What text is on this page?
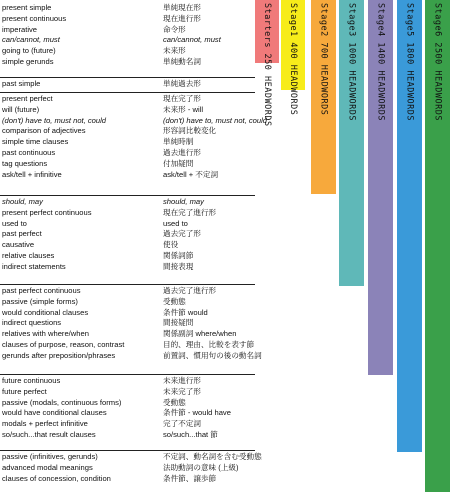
present simple	単純現在形
present continuous	現在進行形
imperative	命令形
can/cannot, must	can/cannot, must
going to (future)	未来形
simple gerunds	単純動名詞
past simple	単純過去形
present perfect	現在完了形
will (future)	未来形 - will
(don't) have to, must not, could	(don't) have to, must not, could
comparison of adjectives	形容詞比較変化
simple time clauses	単純時制
past continuous	過去進行形
tag questions	付加疑問
ask/tell + infinitive	ask/tell + 不定詞
should, may	should, may
present perfect continuous	現在完了進行形
used to	used to
past perfect	過去完了形
causative	使役
relative clauses	関係詞節
indirect statements	間接表現
past perfect continuous	過去完了進行形
passive (simple forms)	受動態
would conditional clauses	条件節 would
indirect questions	間接疑問
relatives with where/when	関係副詞 where/when
clauses of purpose, reason, contrast	目的、理由、比較を表す節
gerunds after preposition/phrases	前置詞、慣用句の後の動名詞
future continuous	未来進行形
future perfect	未来完了形
passive (modals, continuous forms)	受動態
would have conditional clauses	条件節 - would have
modals + perfect infinitive	完了不定詞
so/such...that result clauses	so/such...that 節
passive (infinitives, gerunds)	不定詞、動名詞を含む受動態
advanced modal meanings	法助動詞の意味 (上級)
clauses of concession, condition	条件節、譲歩節
Starters 250 HEADWORDS Stage1 400 HEADWORDS Stage2 700 HEADWORDS Stage3 1000 HEADWORDS Stage4 1400 HEADWORDS Stage5 1800 HEADWORDS Stage6 2500 HEADWORDS
